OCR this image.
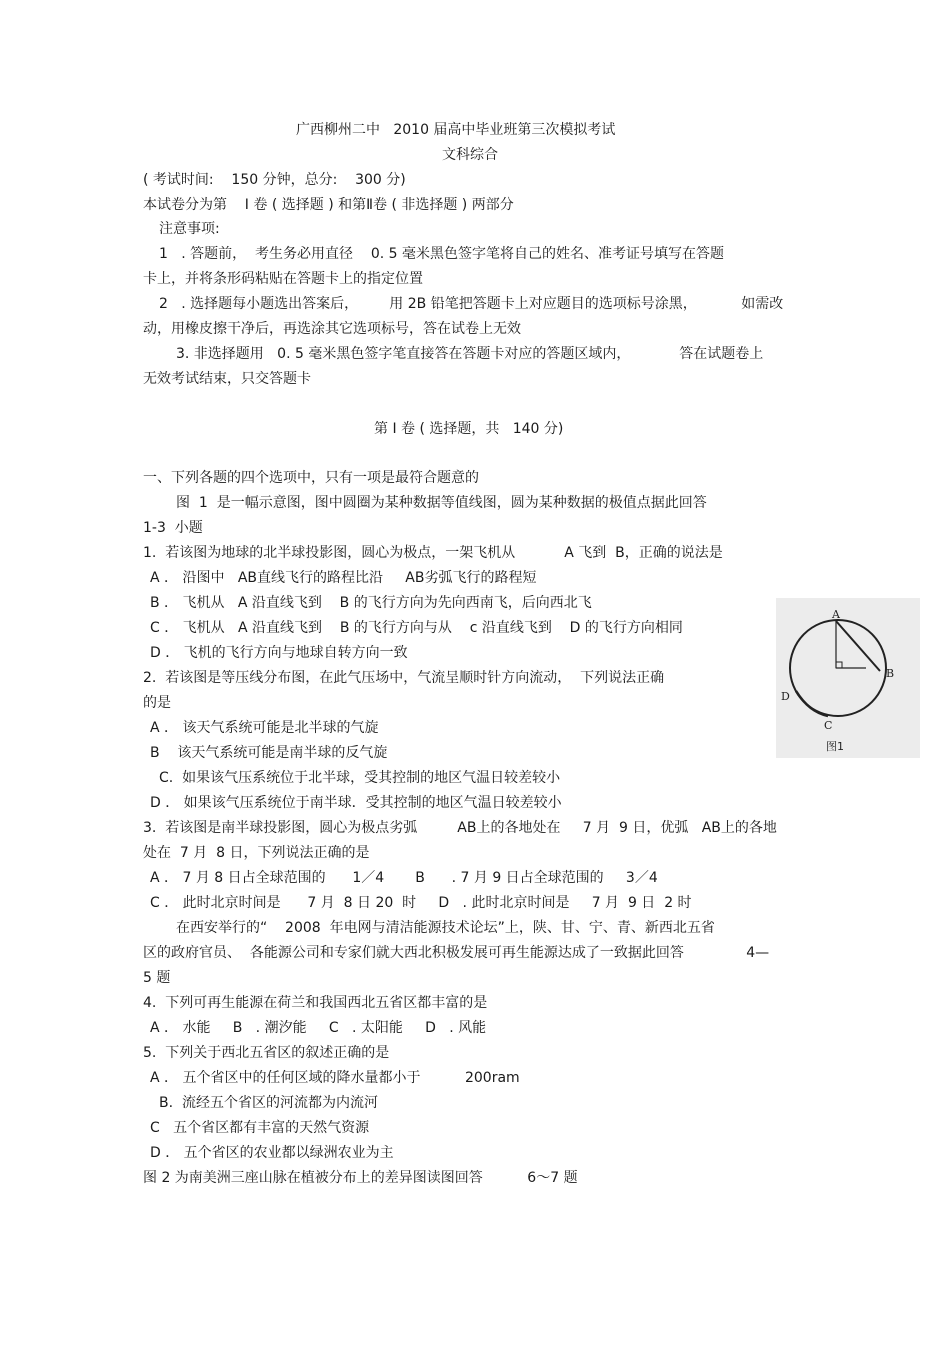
广西柳州二中   2010 届高中毕业班第三次模拟考试
文科综合
( 考试时间:    150 分钟，总分:    300 分)
本试卷分为第    Ⅰ 卷 ( 选择题 ) 和第Ⅱ卷 ( 非选择题 ) 两部分
注意事项:
1   . 答题前，  考生务必用直径    0. 5 毫米黑色签字笔将自己的姓名、准考证号填写在答题
卡上，并将条形码粘贴在答题卡上的指定位置
2   . 选择题每小题选出答案后，       用 2B 铅笔把答题卡上对应题目的选项标号涂黑，          如需改
动，用橡皮擦干净后，再选涂其它选项标号，答在试卷上无效
3. 非选择题用   0. 5 毫米黑色签字笔直接答在答题卡对应的答题区域内，           答在试题卷上
无效考试结束，只交答题卡
第 Ⅰ 卷 ( 选择题，共   140 分)
一、下列各题的四个选项中，只有一项是最符合题意的
图  1  是一幅示意图，图中圆圈为某种数据等值线图，圆为某种数据的极值点据此回答
1-3  小题
1.  若该图为地球的北半球投影图，圆心为极点，一架飞机从           A 飞到  B，正确的说法是
A ． 沿图中   AB直线飞行的路程比沿     AB劣弧飞行的路程短
B ． 飞机从   A 沿直线飞到    B 的飞行方向为先向西南飞，后向西北飞
C ． 飞机从   A 沿直线飞到    B 的飞行方向与从    c 沿直线飞到    D 的飞行方向相同
D ． 飞机的飞行方向与地球自转方向一致
2.  若该图是等压线分布图，在此气压场中，气流呈顺时针方向流动，  下列说法正确
的是
A ． 该天气系统可能是北半球的气旋
B    该天气系统可能是南半球的反气旋
C.  如果该气压系统位于北半球，受其控制的地区气温日较差较小
D ． 如果该气压系统位于南半球．受其控制的地区气温日较差较小
3.  若该图是南半球投影图，圆心为极点劣弧         AB上的各地处在     7 月  9 日，优弧   AB上的各地
处在  7 月  8 日，下列说法正确的是
A ． 7 月 8 日占全球范围的      1／4       B      . 7 月 9 日占全球范围的     3／4
C ． 此时北京时间是      7 月  8 日 20  时     D   . 此时北京时间是     7 月  9 日  2 时
在西安举行的“    2008  年电网与清洁能源技术论坛”上，陕、甘、宁、青、新西北五省
区的政府官员、  各能源公司和专家们就大西北积极发展可再生能源达成了一致据此回答              4—
5 题
4.  下列可再生能源在荷兰和我国西北五省区都丰富的是
A ． 水能     B   . 潮汐能     C   . 太阳能     D   . 风能
5.  下列关于西北五省区的叙述正确的是
A ． 五个省区中的任何区域的降水量都小于          200ram
B.  流经五个省区的河流都为内流河
C   五个省区都有丰富的天然气资源
D ． 五个省区的农业都以绿洲农业为主
图 2 为南美洲三座山脉在植被分布上的差异图读图回答          6～7 题
A
B
C
D
图1
